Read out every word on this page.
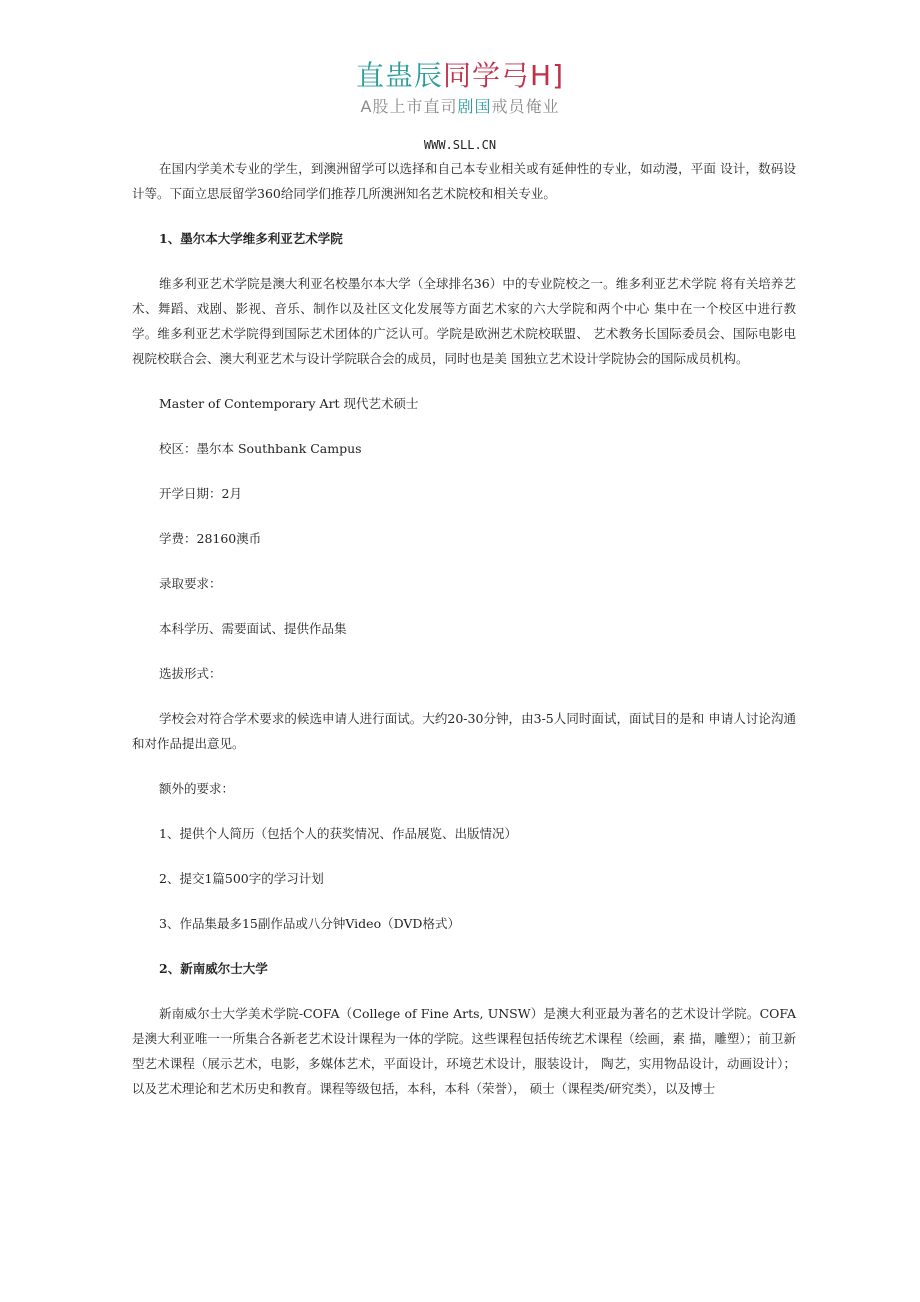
直蛊辰同学弓H]
A股上市直司剧国戒员俺业
WWW.SLL.CN

在国内学美术专业的学生，到澳洲留学可以选择和自己本专业相关或有延伸性的专业，如动漫，平面 设计，数码设计等。下面立思辰留学360给同学们推荐几所澳洲知名艺术院校和相关专业。

1、墨尔本大学维多利亚艺术学院

维多利亚艺术学院是澳大利亚名校墨尔本大学（全球排名36）中的专业院校之一。维多利亚艺术学院 将有关培养艺术、舞蹈、戏剧、影视、音乐、制作以及社区文化发展等方面艺术家的六大学院和两个中心 集中在一个校区中进行教学。维多利亚艺术学院得到国际艺术团体的广泛认可。学院是欧洲艺术院校联盟、 艺术教务长国际委员会、国际电影电视院校联合会、澳大利亚艺术与设计学院联合会的成员，同时也是美 国独立艺术设计学院协会的国际成员机构。

Master of Contemporary Art 现代艺术硕士

校区：墨尔本 Southbank Campus

开学日期：2月

学费：28160澳币

录取要求：

本科学历、需要面试、提供作品集

选拔形式：

学校会对符合学术要求的候选申请人进行面试。大约20-30分钟，由3-5人同时面试，面试目的是和 申请人讨论沟通和对作品提出意见。

额外的要求：

1、提供个人简历（包括个人的获奖情况、作品展览、出版情况）

2、提交1篇500字的学习计划

3、作品集最多15副作品或八分钟Video（DVD格式）

2、新南威尔士大学

新南威尔士大学美术学院-COFA（College of Fine Arts, UNSW）是澳大利亚最为著名的艺术设计学院。COFA是澳大利亚唯一一所集合各新老艺术设计课程为一体的学院。这些课程包括传统艺术课程（绘画，素 描，雕塑）；前卫新型艺术课程（展示艺术，电影，多媒体艺术，平面设计，环境艺术设计，服装设计， 陶艺，实用物品设计，动画设计）；以及艺术理论和艺术历史和教育。课程等级包括，本科，本科（荣誉）， 硕士（课程类/研究类），以及博士
